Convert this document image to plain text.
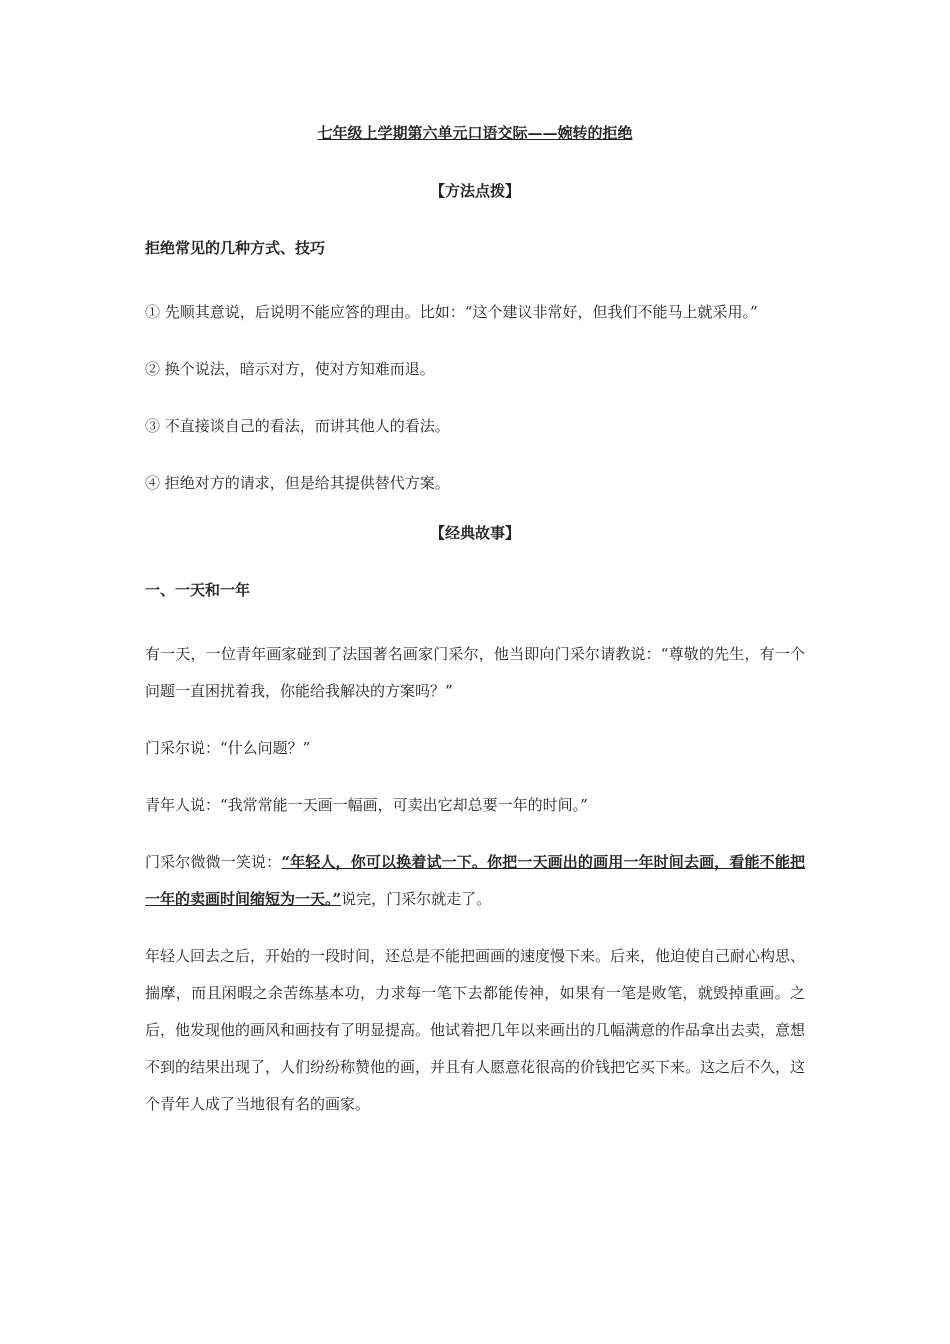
七年级上学期第六单元口语交际——婉转的拒绝
【方法点拨】
拒绝常见的几种方式、技巧

① 先顺其意说，后说明不能应答的理由。比如：“这个建议非常好，但我们不能马上就采用。”

② 换个说法，暗示对方，使对方知难而退。

③ 不直接谈自己的看法，而讲其他人的看法。

④ 拒绝对方的请求，但是给其提供替代方案。

【经典故事】
一、一天和一年

有一天，一位青年画家碰到了法国著名画家门采尔，他当即向门采尔请教说：“尊敬的先生，有一个问题一直困扰着我，你能给我解决的方案吗？”

门采尔说：“什么问题？”

青年人说：“我常常能一天画一幅画，可卖出它却总要一年的时间。”

门采尔微微一笑说：“年轻人，你可以换着试一下。你把一天画出的画用一年时间去画，看能不能把一年的卖画时间缩短为一天。”说完，门采尔就走了。

年轻人回去之后，开始的一段时间，还总是不能把画画的速度慢下来。后来，他迫使自己耐心构思、揣摩，而且闲暇之余苦练基本功，力求每一笔下去都能传神，如果有一笔是败笔，就毁掉重画。之后，他发现他的画风和画技有了明显提高。他试着把几年以来画出的几幅满意的作品拿出去卖，意想不到的结果出现了，人们纷纷称赞他的画，并且有人愿意花很高的价钱把它买下来。这之后不久，这个青年人成了当地很有名的画家。
